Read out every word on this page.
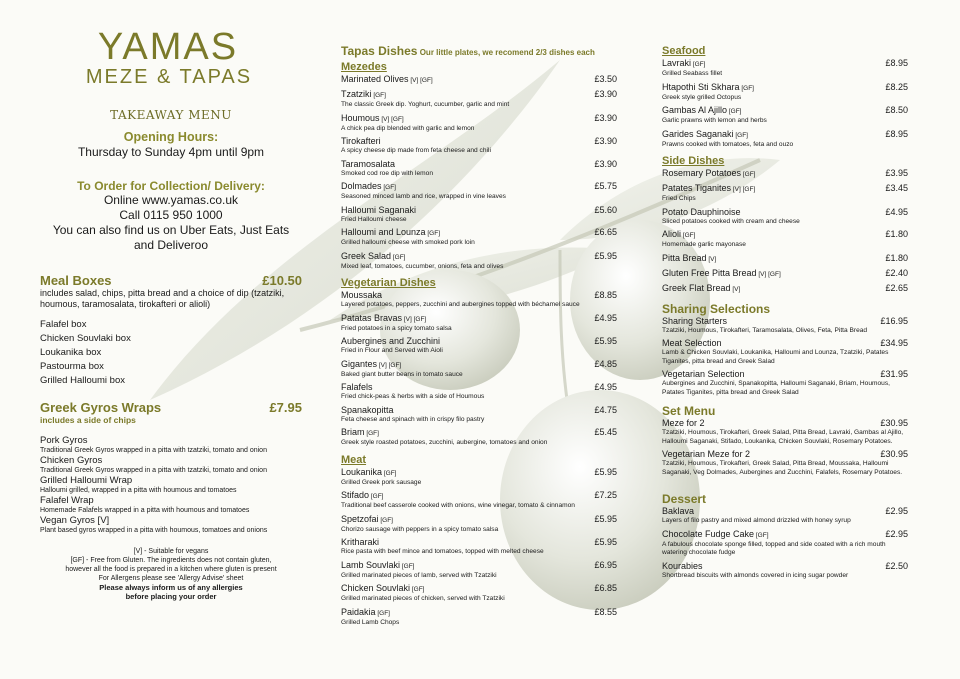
YAMAS
MEZE & TAPAS
TAKEAWAY MENU
Opening Hours:
Thursday to Sunday 4pm until 9pm
To Order for Collection/ Delivery:
Online www.yamas.co.uk
Call 0115 950 1000
You can also find us on Uber Eats, Just Eats
and Deliveroo
Meal Boxes	£10.50
includes salad, chips, pitta bread and a choice of dip (tzatziki, houmous, taramosalata, tirokafteri or alioli)
Falafel box
Chicken Souvlaki box
Loukanika box
Pastourma box
Grilled Halloumi box
Greek Gyros Wraps	£7.95
includes a side of chips
Pork Gyros
Traditional Greek Gyros wrapped in a pitta with tzatziki, tomato and onion
Chicken Gyros
Traditional Greek Gyros wrapped in a pitta with tzatziki, tomato and onion
Grilled Halloumi Wrap
Halloumi grilled, wrapped in a pitta with houmous and tomatoes
Falafel Wrap
Homemade Falafels wrapped in a pitta with houmous and tomatoes
Vegan Gyros [V]
Plant based gyros wrapped in a pitta with houmous, tomatoes and onions
[V] - Suitable for vegans
[GF] - Free from Gluten. The ingredients does not contain gluten,
however all the food is prepared in a kitchen where gluten is present
For Allergens please see 'Allergy Advise' sheet
Please always inform us of any allergies
before placing your order
Tapas Dishes Our little plates, we recomend 2/3 dishes each
Mezedes
Marinated Olives [V] [GF]	£3.50
Tzatziki [GF]	£3.90
The classic Greek dip. Yoghurt, cucumber, garlic and mint
Houmous [V] [GF]	£3.90
A chick pea dip blended with garlic and lemon
Tirokafteri	£3.90
A spicy cheese dip made from feta cheese and chili
Taramosalata	£3.90
Smoked cod roe dip with lemon
Dolmades [GF]	£5.75
Seasoned minced lamb and rice, wrapped in vine leaves
Halloumi Saganaki	£5.60
Fried Halloumi cheese
Halloumi and Lounza [GF]	£6.65
Grilled halloumi cheese with smoked pork loin
Greek Salad [GF]	£5.95
Mixed leaf, tomatoes, cucumber, onions, feta and olives
Vegetarian Dishes
Moussaka	£8.85
Layered potatoes, peppers, zucchini and aubergines topped with béchamel sauce
Patatas Bravas [V] [GF]	£4.95
Fried potatoes in a spicy tomato salsa
Aubergines and Zucchini	£5.95
Fried in Flour and Served with Aioli
Gigantes [V] [GF]	£4.85
Baked giant butter beans in tomato sauce
Falafels	£4.95
Fried chick-peas & herbs with a side of Houmous
Spanakopitta	£4.75
Feta cheese and spinach with in crispy filo pastry
Briam [GF]	£5.45
Greek style roasted potatoes, zucchini, aubergine, tomatoes and onion
Meat
Loukanika [GF]	£5.95
Grilled Greek pork sausage
Stifado [GF]	£7.25
Traditional beef casserole cooked with onions, wine vinegar, tomato & cinnamon
Spetzofai [GF]	£5.95
Chorizo sausage with peppers in a spicy tomato salsa
Kritharaki	£5.95
Rice pasta with beef mince and tomatoes, topped with melted cheese
Lamb Souvlaki [GF]	£6.95
Grilled marinated pieces of lamb, served with Tzatziki
Chicken Souvlaki [GF]	£6.85
Grilled marinated pieces of chicken, served with Tzatziki
Paidakia [GF]	£8.55
Grilled Lamb Chops
Seafood
Lavraki [GF]	£8.95
Grilled Seabass fillet
Htapothi Sti Skhara [GF]	£8.25
Greek style grilled Octopus
Gambas Al Ajillo [GF]	£8.50
Garlic prawns with lemon and herbs
Garides Saganaki [GF]	£8.95
Prawns cooked with tomatoes, feta and ouzo
Side Dishes
Rosemary Potatoes [GF]	£3.95
Patates Tiganites [V] [GF]	£3.45
Fried Chips
Potato Dauphinoise	£4.95
Sliced potatoes cooked with cream and cheese
Alioli [GF]	£1.80
Homemade garlic mayonase
Pitta Bread [V]	£1.80
Gluten Free Pitta Bread [V] [GF]	£2.40
Greek Flat Bread [V]	£2.65
Sharing Selections
Sharing Starters	£16.95
Tzatziki, Houmous, Tirokafteri, Taramosalata, Olives, Feta, Pitta Bread
Meat Selection	£34.95
Lamb & Chicken Souvlaki, Loukanika, Halloumi and Lounza, Tzatziki, Patates Tiganites, pitta bread and Greek Salad
Vegetarian Selection	£31.95
Aubergines and Zucchini, Spanakopitta, Halloumi Saganaki, Briam, Houmous, Patates Tiganites, pitta bread and Greek Salad
Set Menu
Meze for 2	£30.95
Tzatziki, Houmous, Tirokafteri, Greek Salad, Pitta Bread, Lavraki, Gambas al Ajillo, Halloumi Saganaki, Stifado, Loukanika, Chicken Souvlaki, Rosemary Potatoes.
Vegetarian Meze for 2	£30.95
Tzatziki, Houmous, Tirokafteri, Greek Salad, Pitta Bread, Moussaka, Halloumi Saganaki, Veg Dolmades, Aubergines and Zucchini, Falafels, Rosemary Potatoes.
Dessert
Baklava	£2.95
Layers of filo pastry and mixed almond drizzled with honey syrup
Chocolate Fudge Cake [GF]	£2.95
A fabulous chocolate sponge filled, topped and side coated with a rich mouth watering chocolate fudge
Kourabies	£2.50
Shortbread biscuits with almonds covered in icing sugar powder
